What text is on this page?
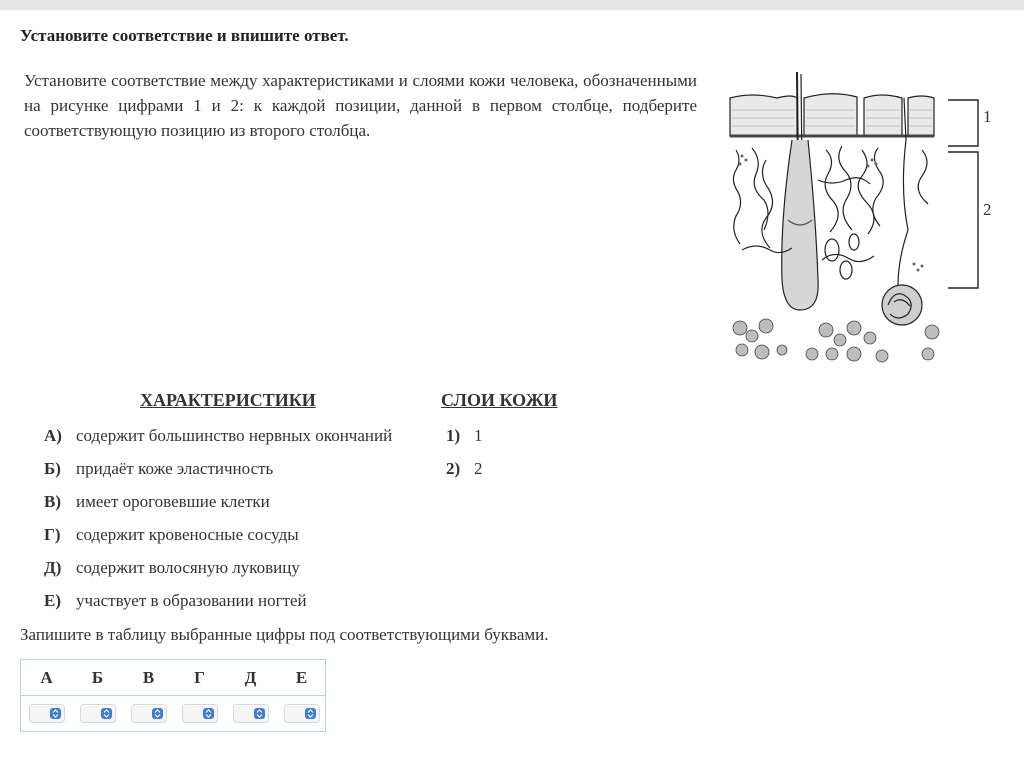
Установите соответствие и впишите ответ.
Установите соответствие между характеристиками и слоями кожи человека, обозначенными на рисунке цифрами 1 и 2: к каждой позиции, данной в первом столбце, подберите соответствующую позицию из второго столбца.
1
2
ХАРАКТЕРИСТИКИ	СЛОИ КОЖИ
А) содержит большинство нервных окончаний
Б) придаёт коже эластичность
В) имеет ороговевшие клетки
Г) содержит кровеносные сосуды
Д) содержит волосяную луковицу
Е) участвует в образовании ногтей
1) 1
2) 2
Запишите в таблицу выбранные цифры под соответствующими буквами.
А	Б	В	Г	Д	Е
